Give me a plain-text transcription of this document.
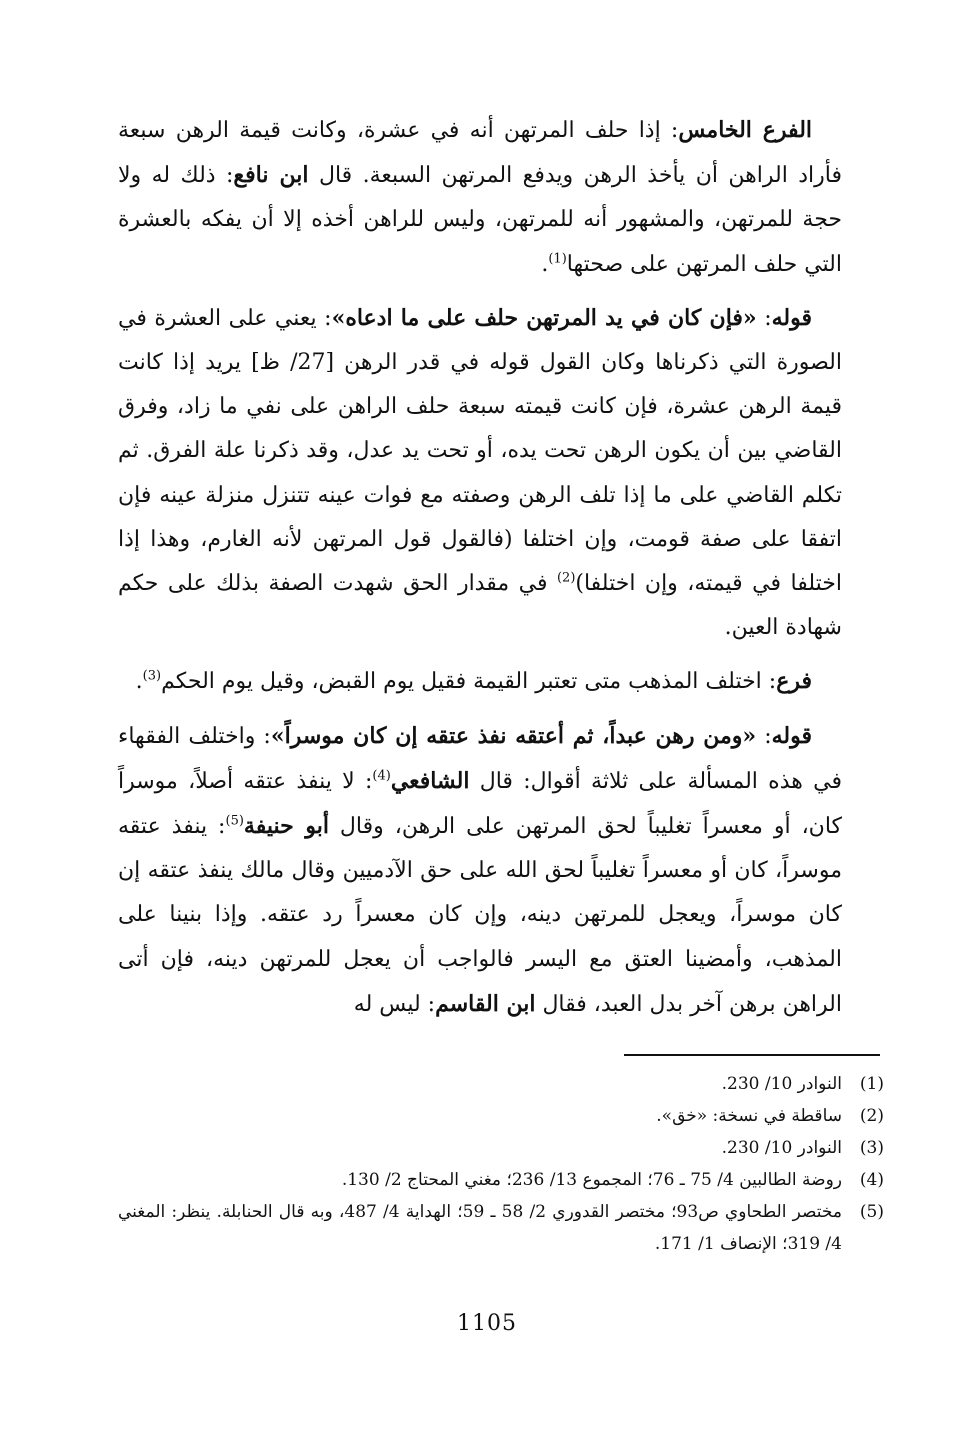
الفرع الخامس: إذا حلف المرتهن أنه في عشرة، وكانت قيمة الرهن سبعة فأراد الراهن أن يأخذ الرهن ويدفع المرتهن السبعة. قال ابن نافع: ذلك له ولا حجة للمرتهن، والمشهور أنه للمرتهن، وليس للراهن أخذه إلا أن يفكه بالعشرة التي حلف المرتهن على صحتها$^{(1)}$.

قوله: «فإن كان في يد المرتهن حلف على ما ادعاه»: يعني على العشرة في الصورة التي ذكرناها وكان القول قوله في قدر الرهن [27/ ظ] يريد إذا كانت قيمة الرهن عشرة، فإن كانت قيمته سبعة حلف الراهن على نفي ما زاد، وفرق القاضي بين أن يكون الرهن تحت يده، أو تحت يد عدل، وقد ذكرنا علة الفرق. ثم تكلم القاضي على ما إذا تلف الرهن وصفته مع فوات عينه تتنزل منزلة عينه فإن اتفقا على صفة قومت، وإن اختلفا (فالقول قول المرتهن لأنه الغارم، وهذا إذا اختلفا في قيمته، وإن اختلفا)$^{(2)}$ في مقدار الحق شهدت الصفة بذلك على حكم شهادة العين.

فرع: اختلف المذهب متى تعتبر القيمة فقيل يوم القبض، وقيل يوم الحكم$^{(3)}$.

قوله: «ومن رهن عبداً، ثم أعتقه نفذ عتقه إن كان موسراً»: واختلف الفقهاء في هذه المسألة على ثلاثة أقوال: قال الشافعي$^{(4)}$: لا ينفذ عتقه أصلاً، موسراً كان، أو معسراً تغليباً لحق المرتهن على الرهن، وقال أبو حنيفة$^{(5)}$: ينفذ عتقه موسراً، كان أو معسراً تغليباً لحق الله على حق الآدميين وقال مالك ينفذ عتقه إن كان موسراً، ويعجل للمرتهن دينه، وإن كان معسراً رد عتقه. وإذا بنينا على المذهب، وأمضينا العتق مع اليسر فالواجب أن يعجل للمرتهن دينه، فإن أتى الراهن برهن آخر بدل العبد، فقال ابن القاسم: ليس له

(1)
النوادر 10/ 230.
(2)
ساقطة في نسخة: «خق».
(3)
النوادر 10/ 230.
(4)
روضة الطالبين 4/ 75 ـ 76؛ المجموع 13/ 236؛ مغني المحتاج 2/ 130.
(5)
مختصر الطحاوي ص93؛ مختصر القدوري 2/ 58 ـ 59؛ الهداية 4/ 487، وبه قال الحنابلة. ينظر: المغني 4/ 319؛ الإنصاف 1/ 171.
1105
